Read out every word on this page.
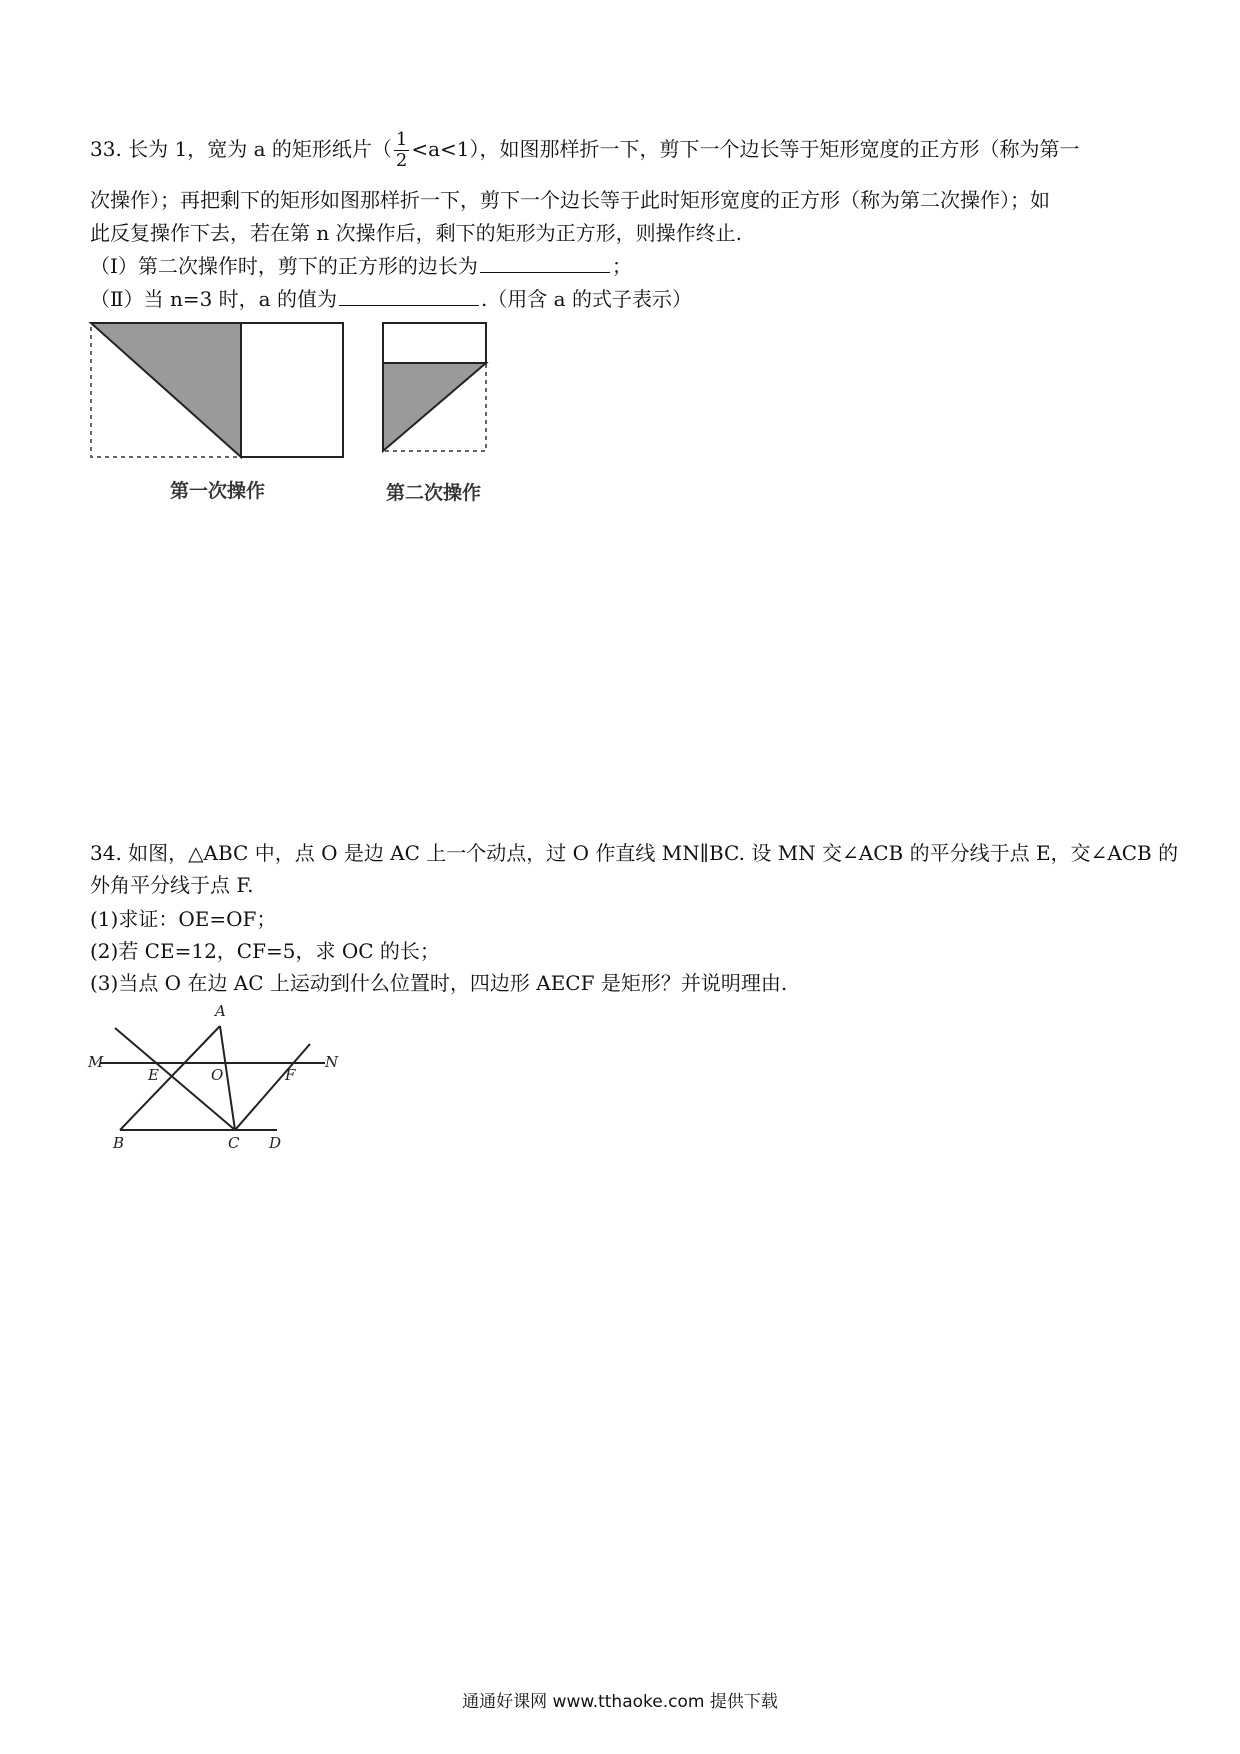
33. 长为 1，宽为 a 的矩形纸片（ $\frac{1}{2} <a<1$），如图那样折一下，剪下一个边长等于矩形宽度的正方形（称为第一
次操作）；再把剩下的矩形如图那样折一下，剪下一个边长等于此时矩形宽度的正方形（称为第二次操作）；如
此反复操作下去，若在第 n 次操作后，剩下的矩形为正方形，则操作终止.
（I）第二次操作时，剪下的正方形的边长为	；
（Ⅱ）当 n=3 时，a 的值为	.（用含 a 的式子表示）
第一次操作	第二次操作
34. 如图，△ABC 中，点 O 是边 AC 上一个动点，过 O 作直线 MN∥BC. 设 MN 交∠ACB 的平分线于点 E，交∠ACB 的
外角平分线于点 F.
(1)求证：OE=OF；
(2)若 CE=12，CF=5，求 OC 的长；
(3)当点 O 在边 AC 上运动到什么位置时，四边形 AECF 是矩形？并说明理由.
A
M
E	O	F
N
B	C D
通通好课网 www.tthaoke.com 提供下载
